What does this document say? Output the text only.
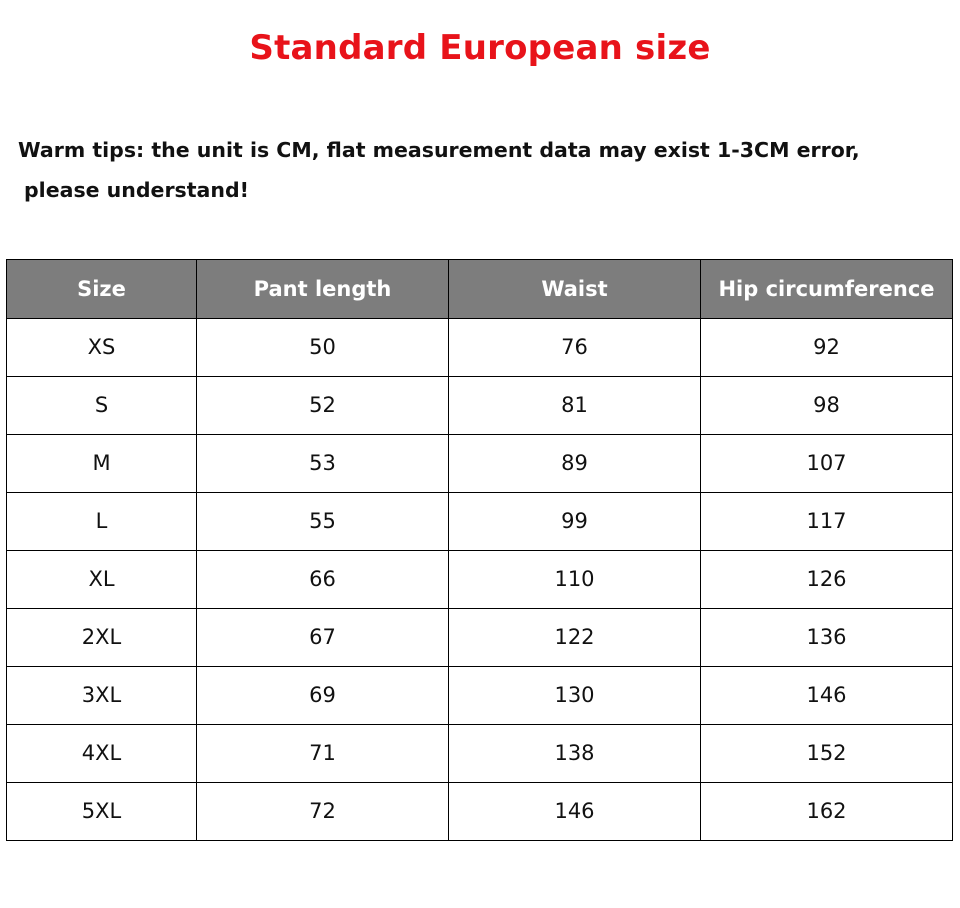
Standard European size
Warm tips: the unit is CM, flat measurement data may exist 1-3CM error,
please understand!
Size	Pant length	Waist	Hip circumference
XS	50	76	92
S	52	81	98
M	53	89	107
L	55	99	117
XL	66	110	126
2XL	67	122	136
3XL	69	130	146
4XL	71	138	152
5XL	72	146	162
